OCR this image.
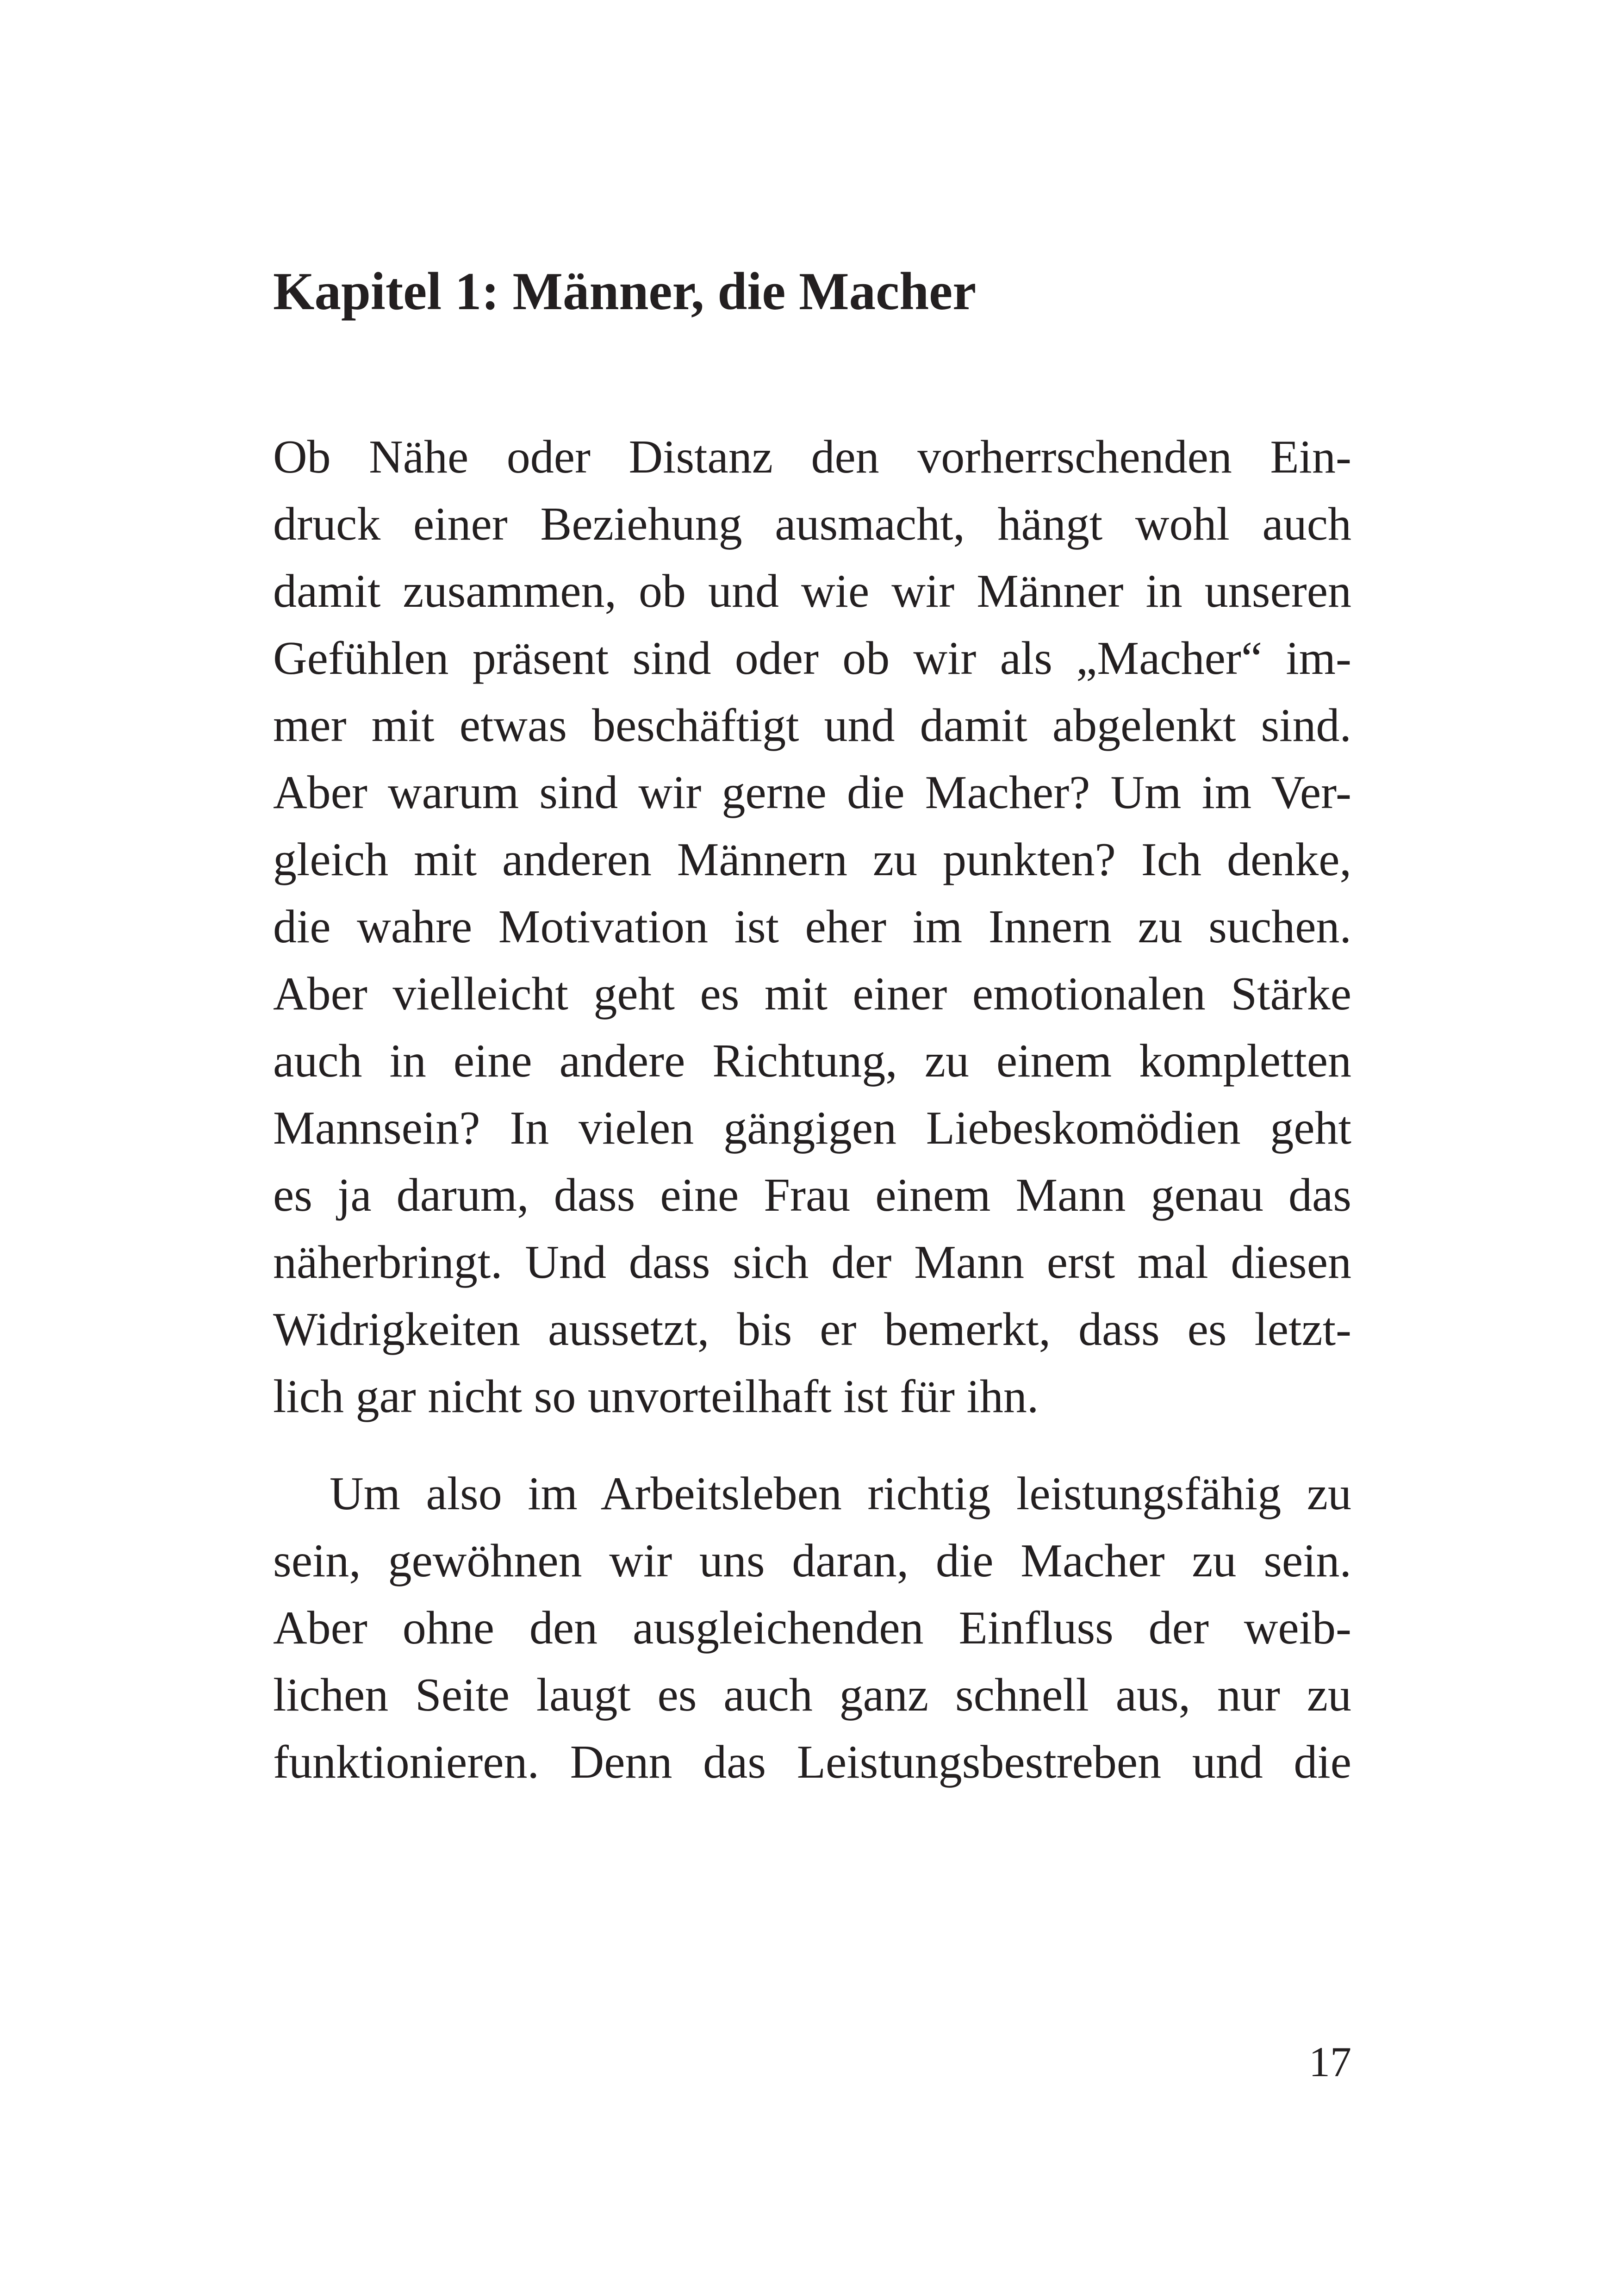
Kapitel 1: Männer, die Macher
Ob Nähe oder Distanz den vorherrschenden Ein-
druck einer Beziehung ausmacht, hängt wohl auch
damit zusammen, ob und wie wir Männer in unseren
Gefühlen präsent sind oder ob wir als „Macher“ im-
mer mit etwas beschäftigt und damit abgelenkt sind.
Aber warum sind wir gerne die Macher? Um im Ver-
gleich mit anderen Männern zu punkten? Ich denke,
die wahre Motivation ist eher im Innern zu suchen.
Aber vielleicht geht es mit einer emotionalen Stärke
auch in eine andere Richtung, zu einem kompletten
Mannsein? In vielen gängigen Liebeskomödien geht
es ja darum, dass eine Frau einem Mann genau das
näherbringt. Und dass sich der Mann erst mal diesen
Widrigkeiten aussetzt, bis er bemerkt, dass es letzt-
lich gar nicht so unvorteilhaft ist für ihn.
Um also im Arbeitsleben richtig leistungsfähig zu
sein, gewöhnen wir uns daran, die Macher zu sein.
Aber ohne den ausgleichenden Einfluss der weib-
lichen Seite laugt es auch ganz schnell aus, nur zu
funktionieren. Denn das Leistungsbestreben und die
17
